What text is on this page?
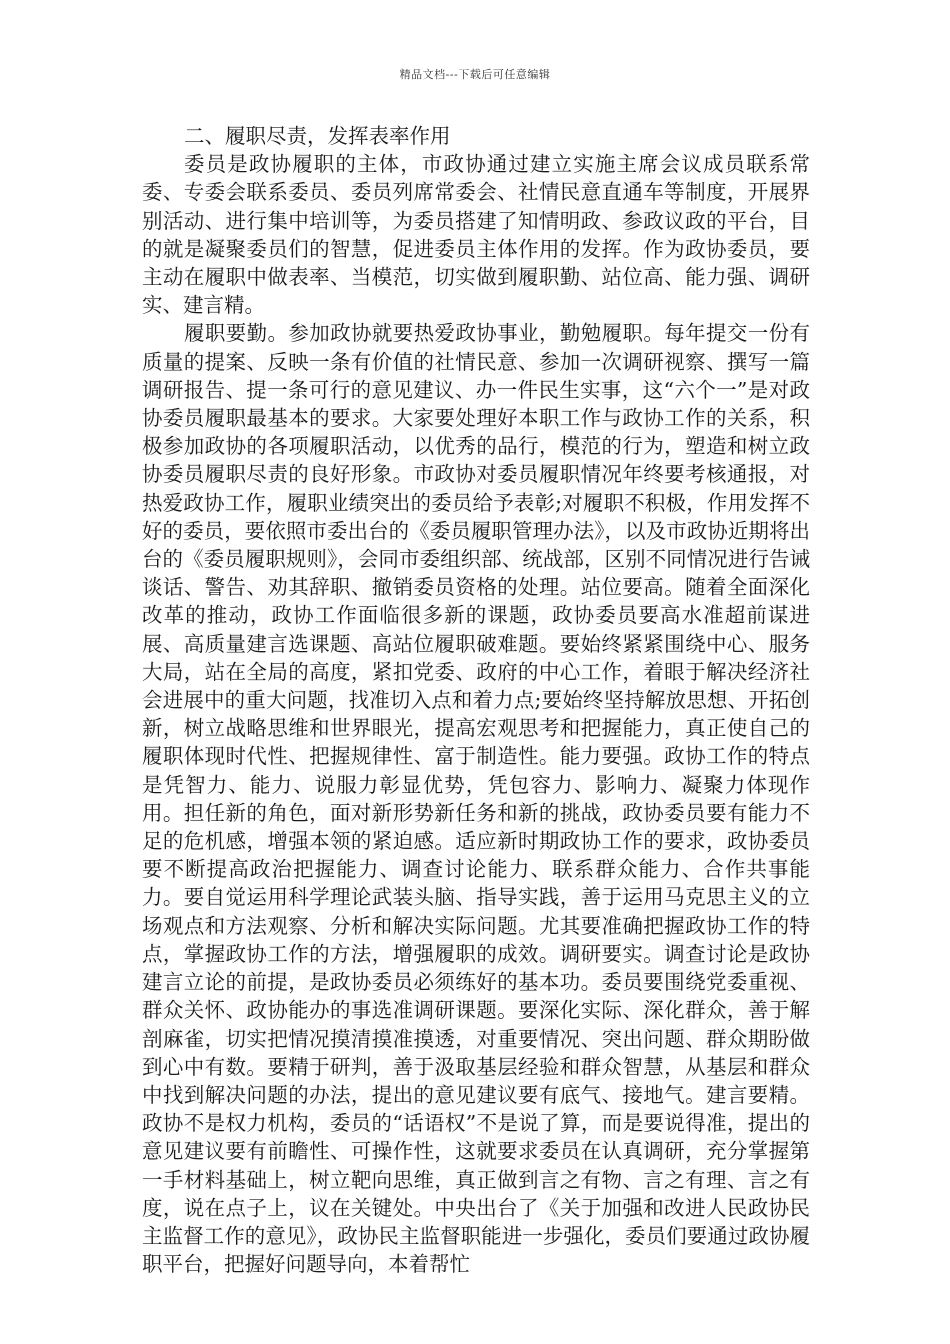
精品文档---下载后可任意编辑
二、履职尽责，发挥表率作用

委员是政协履职的主体，市政协通过建立实施主席会议成员联系常委、专委会联系委员、委员列席常委会、社情民意直通车等制度，开展界别活动、进行集中培训等，为委员搭建了知情明政、参政议政的平台，目的就是凝聚委员们的智慧，促进委员主体作用的发挥。作为政协委员，要主动在履职中做表率、当模范，切实做到履职勤、站位高、能力强、调研实、建言精。

履职要勤。参加政协就要热爱政协事业，勤勉履职。每年提交一份有质量的提案、反映一条有价值的社情民意、参加一次调研视察、撰写一篇调研报告、提一条可行的意见建议、办一件民生实事，这“六个一”是对政协委员履职最基本的要求。大家要处理好本职工作与政协工作的关系，积极参加政协的各项履职活动，以优秀的品行，模范的行为，塑造和树立政协委员履职尽责的良好形象。市政协对委员履职情况年终要考核通报，对热爱政协工作，履职业绩突出的委员给予表彰;对履职不积极，作用发挥不好的委员，要依照市委出台的《委员履职管理办法》，以及市政协近期将出台的《委员履职规则》，会同市委组织部、统战部，区别不同情况进行告诫谈话、警告、劝其辞职、撤销委员资格的处理。站位要高。随着全面深化改革的推动，政协工作面临很多新的课题，政协委员要高水准超前谋进展、高质量建言选课题、高站位履职破难题。要始终紧紧围绕中心、服务大局，站在全局的高度，紧扣党委、政府的中心工作，着眼于解决经济社会进展中的重大问题，找准切入点和着力点;要始终坚持解放思想、开拓创新，树立战略思维和世界眼光，提高宏观思考和把握能力，真正使自己的履职体现时代性、把握规律性、富于制造性。能力要强。政协工作的特点是凭智力、能力、说服力彰显优势，凭包容力、影响力、凝聚力体现作用。担任新的角色，面对新形势新任务和新的挑战，政协委员要有能力不足的危机感，增强本领的紧迫感。适应新时期政协工作的要求，政协委员要不断提高政治把握能力、调查讨论能力、联系群众能力、合作共事能力。要自觉运用科学理论武装头脑、指导实践，善于运用马克思主义的立场观点和方法观察、分析和解决实际问题。尤其要准确把握政协工作的特点，掌握政协工作的方法，增强履职的成效。调研要实。调查讨论是政协建言立论的前提，是政协委员必须练好的基本功。委员要围绕党委重视、群众关怀、政协能办的事选准调研课题。要深化实际、深化群众，善于解剖麻雀，切实把情况摸清摸准摸透，对重要情况、突出问题、群众期盼做到心中有数。要精于研判，善于汲取基层经验和群众智慧，从基层和群众中找到解决问题的办法，提出的意见建议要有底气、接地气。建言要精。政协不是权力机构，委员的“话语权”不是说了算，而是要说得准，提出的意见建议要有前瞻性、可操作性，这就要求委员在认真调研，充分掌握第一手材料基础上，树立靶向思维，真正做到言之有物、言之有理、言之有度，说在点子上，议在关键处。中央出台了《关于加强和改进人民政协民主监督工作的意见》，政协民主监督职能进一步强化，委员们要通过政协履职平台，把握好问题导向，本着帮忙
